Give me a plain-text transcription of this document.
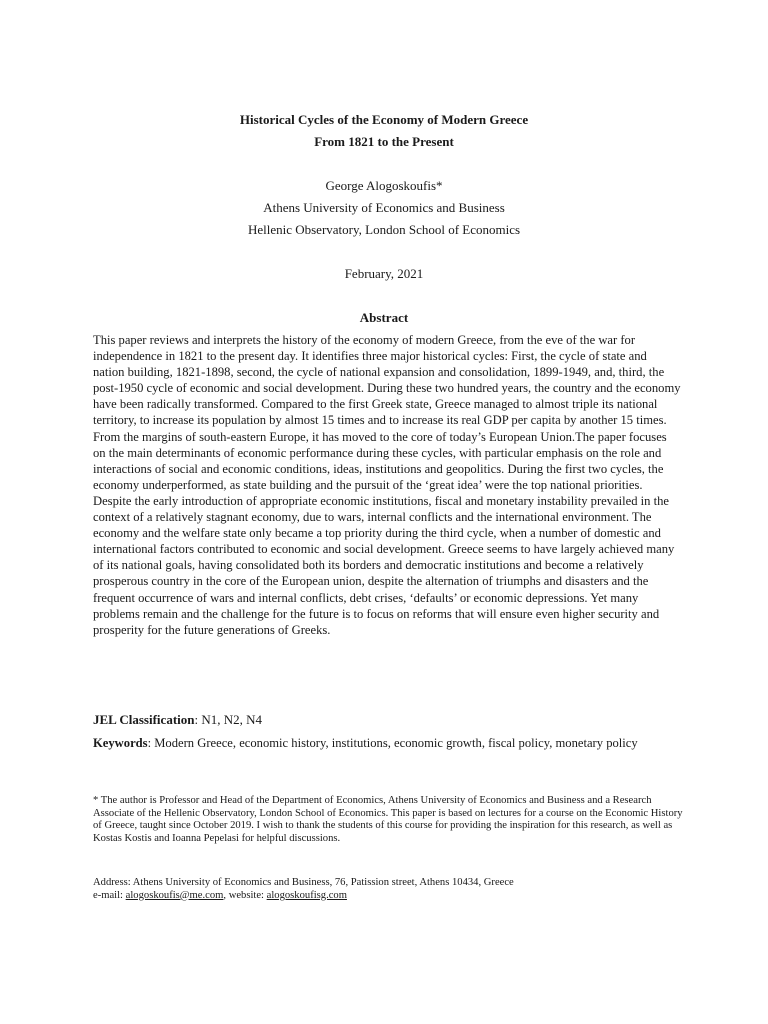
Historical Cycles of the Economy of Modern Greece
From 1821 to the Present
George Alogoskoufis*
Athens University of Economics and Business
Hellenic Observatory, London School of Economics
February, 2021
Abstract
This paper reviews and interprets the history of the economy of modern Greece, from the eve of the war for independence in 1821 to the present day. It identifies three major historical cycles: First, the cycle of state and nation building, 1821-1898, second, the cycle of national expansion and consolidation, 1899-1949, and, third, the post-1950 cycle of economic and social development. During these two hundred years, the country and the economy have been radically transformed. Compared to the first Greek state, Greece managed to almost triple its national territory, to increase its population by almost 15 times and to increase its real GDP per capita by another 15 times. From the margins of south-eastern Europe, it has moved to the core of today’s European Union.The paper focuses on the main determinants of economic performance during these cycles, with particular emphasis on the role and interactions of social and economic conditions, ideas, institutions and geopolitics. During the first two cycles, the economy underperformed, as state building and the pursuit of the ‘great idea’ were the top national priorities. Despite the early introduction of appropriate economic institutions, fiscal and monetary instability prevailed in the context of a relatively stagnant economy, due to wars, internal conflicts and the international environment. The economy and the welfare state only became a top priority during the third cycle, when a number of domestic and international factors contributed to economic and social development. Greece seems to have largely achieved many of its national goals, having consolidated both its borders and democratic institutions and become a relatively prosperous country in the core of the European union, despite the alternation of triumphs and disasters and the frequent occurrence of wars and internal conflicts, debt crises, ‘defaults’ or economic depressions. Yet many problems remain and the challenge for the future is to focus on reforms that will ensure even higher security and prosperity for the future generations of Greeks.
JEL Classification: N1, N2, N4
Keywords: Modern Greece, economic history, institutions, economic growth, fiscal policy, monetary policy
* The author is Professor and Head of the Department of Economics, Athens University of Economics and Business and a Research Associate of the Hellenic Observatory, London School of Economics. This paper is based on lectures for a course on the Economic History of Greece, taught since October 2019. I wish to thank the students of this course for providing the inspiration for this research, as well as Kostas Kostis and Ioanna Pepelasi for helpful discussions.
Address: Athens University of Economics and Business, 76, Patission street, Athens 10434, Greece
e-mail: alogoskoufis@me.com, website: alogoskoufisg.com
